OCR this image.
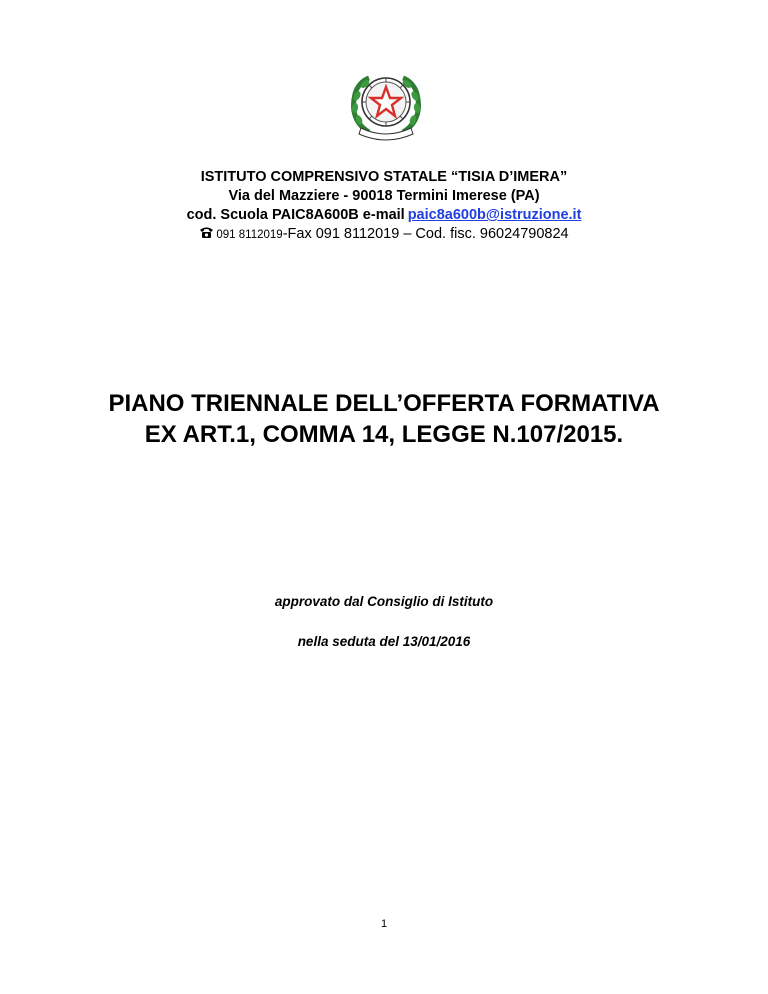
ISTITUTO COMPRENSIVO STATALE “TISIA D’IMERA”
Via del Mazziere - 90018 Termini Imerese (PA)
cod. Scuola PAIC8A600B e-mail paic8a600b@istruzione.it
091 8112019-Fax 091 8112019 – Cod. fisc. 96024790824
PIANO TRIENNALE DELL’OFFERTA FORMATIVA
EX ART.1, COMMA 14, LEGGE N.107/2015.
approvato dal Consiglio di Istituto
nella seduta del 13/01/2016
1
